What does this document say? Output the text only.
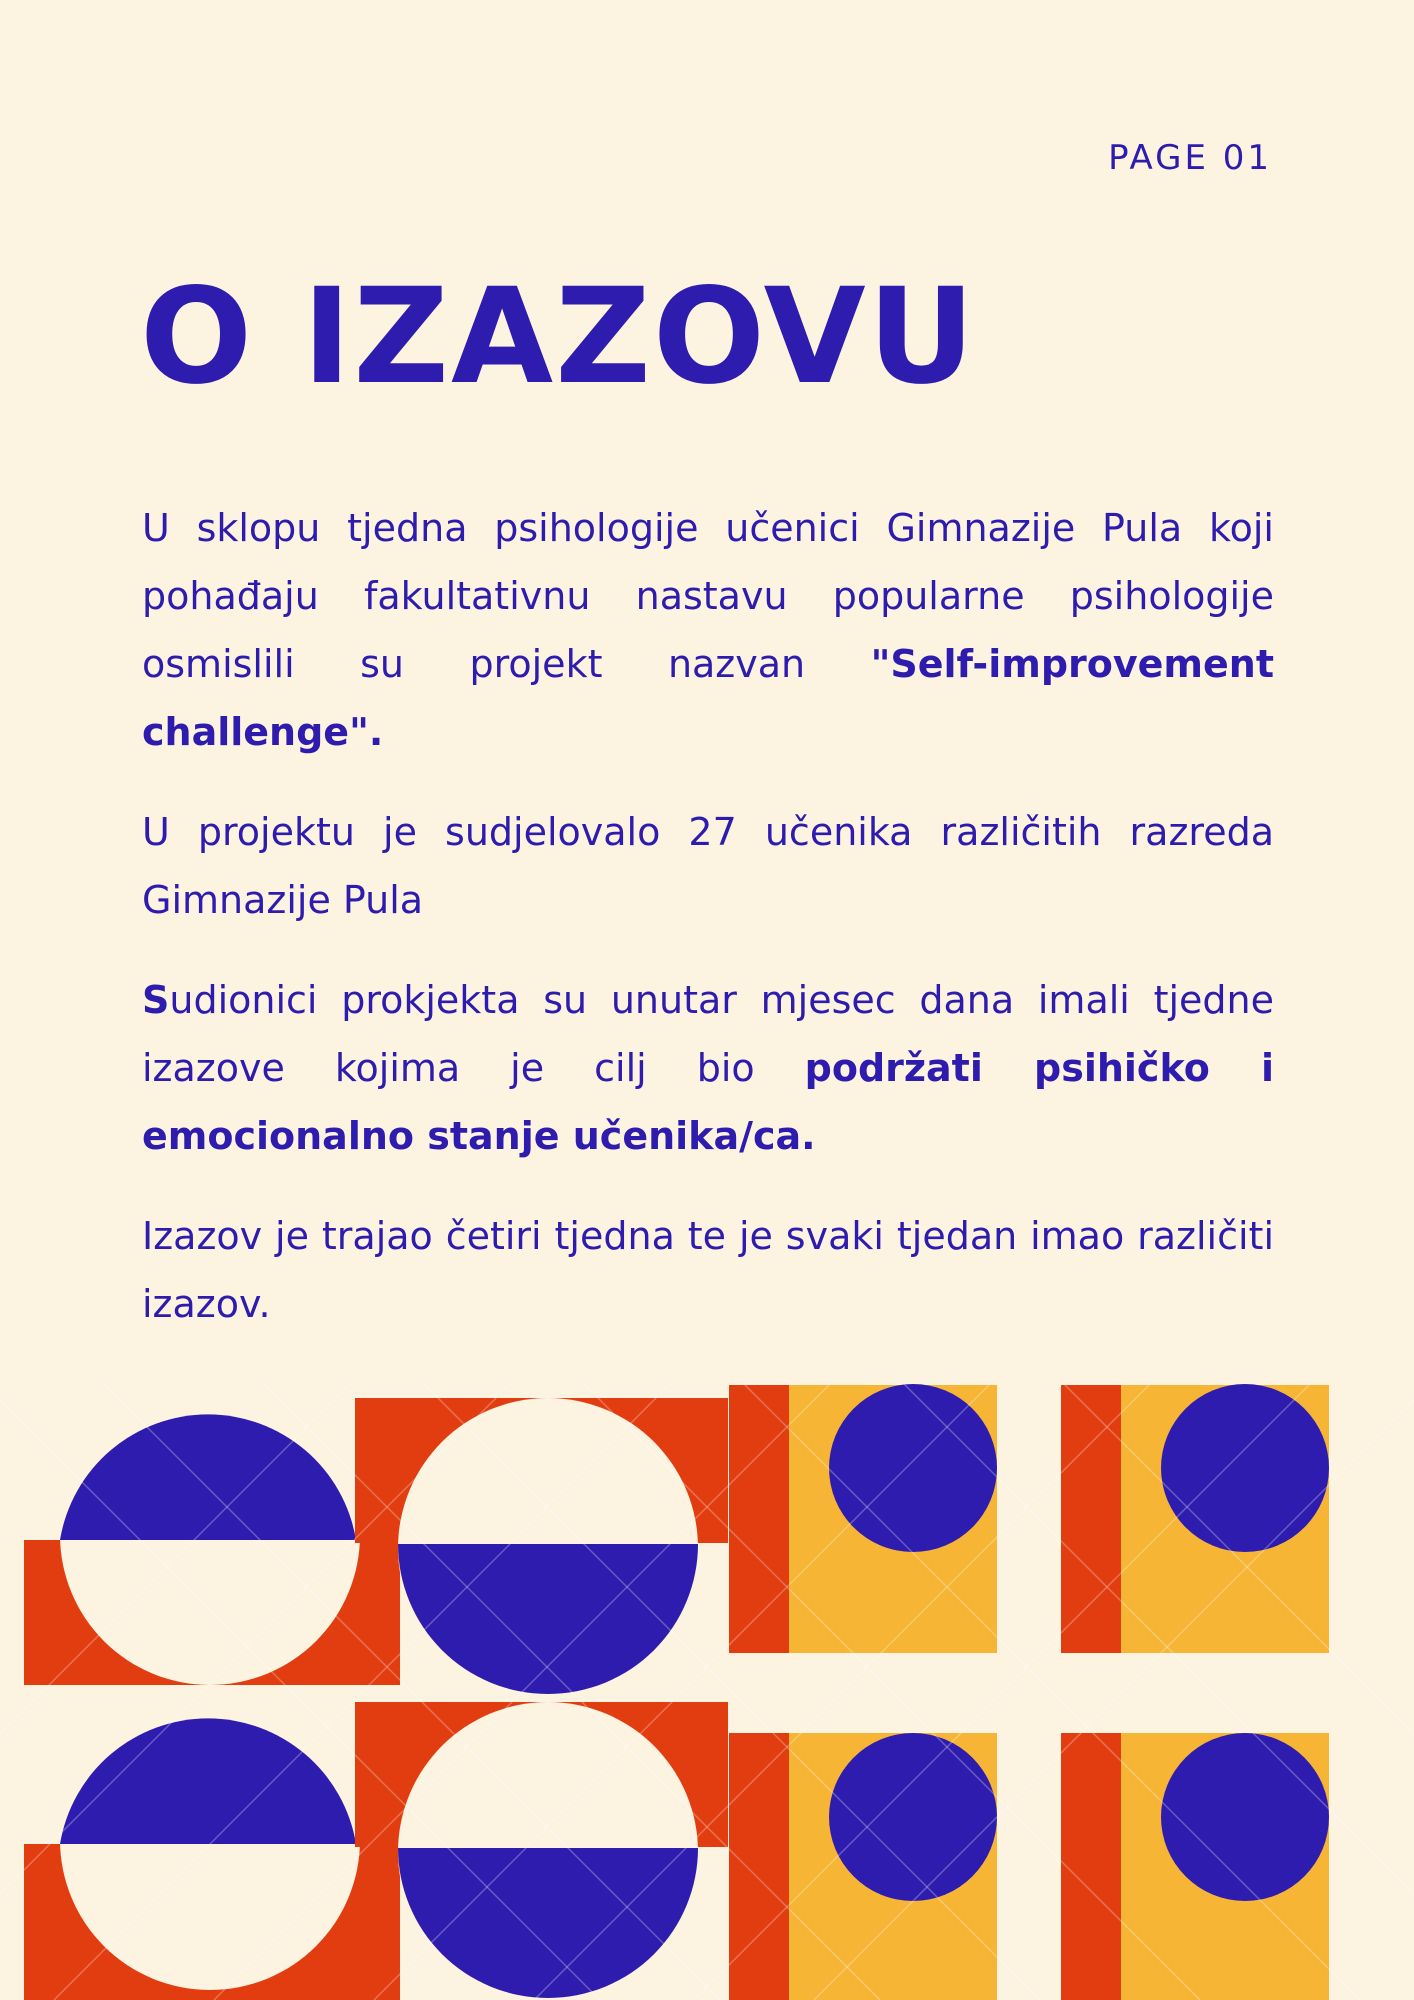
PAGE 01
O IZAZOVU

U sklopu tjedna psihologije učenici Gimnazije Pula koji pohađaju fakultativnu nastavu popularne psihologije osmislili su projekt nazvan "Self-improvement challenge".

U projektu je sudjelovalo 27 učenika različitih razreda Gimnazije Pula

Sudionici prokjekta su unutar mjesec dana imali tjedne izazove kojima je cilj bio podržati psihičko i emocionalno stanje učenika/ca.

Izazov je trajao četiri tjedna te je svaki tjedan imao različiti izazov.
